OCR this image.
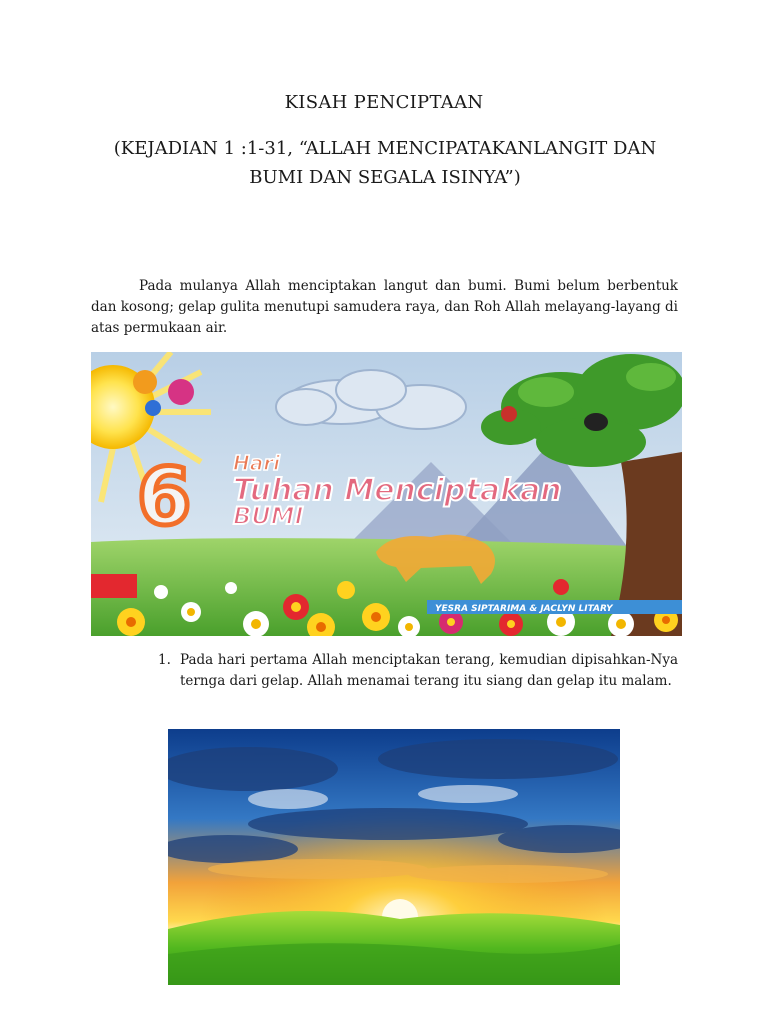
KISAH PENCIPTAAN
(KEJADIAN 1 :1-31, “ALLAH MENCIPATAKANLANGIT DAN BUMI DAN SEGALA ISINYA”)
Pada mulanya Allah menciptakan langut dan bumi. Bumi belum berbentuk dan kosong; gelap gulita menutupi samudera raya, dan Roh Allah melayang-layang di atas permukaan air.
6 Hari
Tuhan Menciptakan
BUMI
YESRA SIPTARIMA & JACLYN LITARY
1. Pada hari pertama Allah menciptakan terang, kemudian dipisahkan-Nya ternga dari gelap. Allah menamai terang itu siang dan gelap itu malam.
